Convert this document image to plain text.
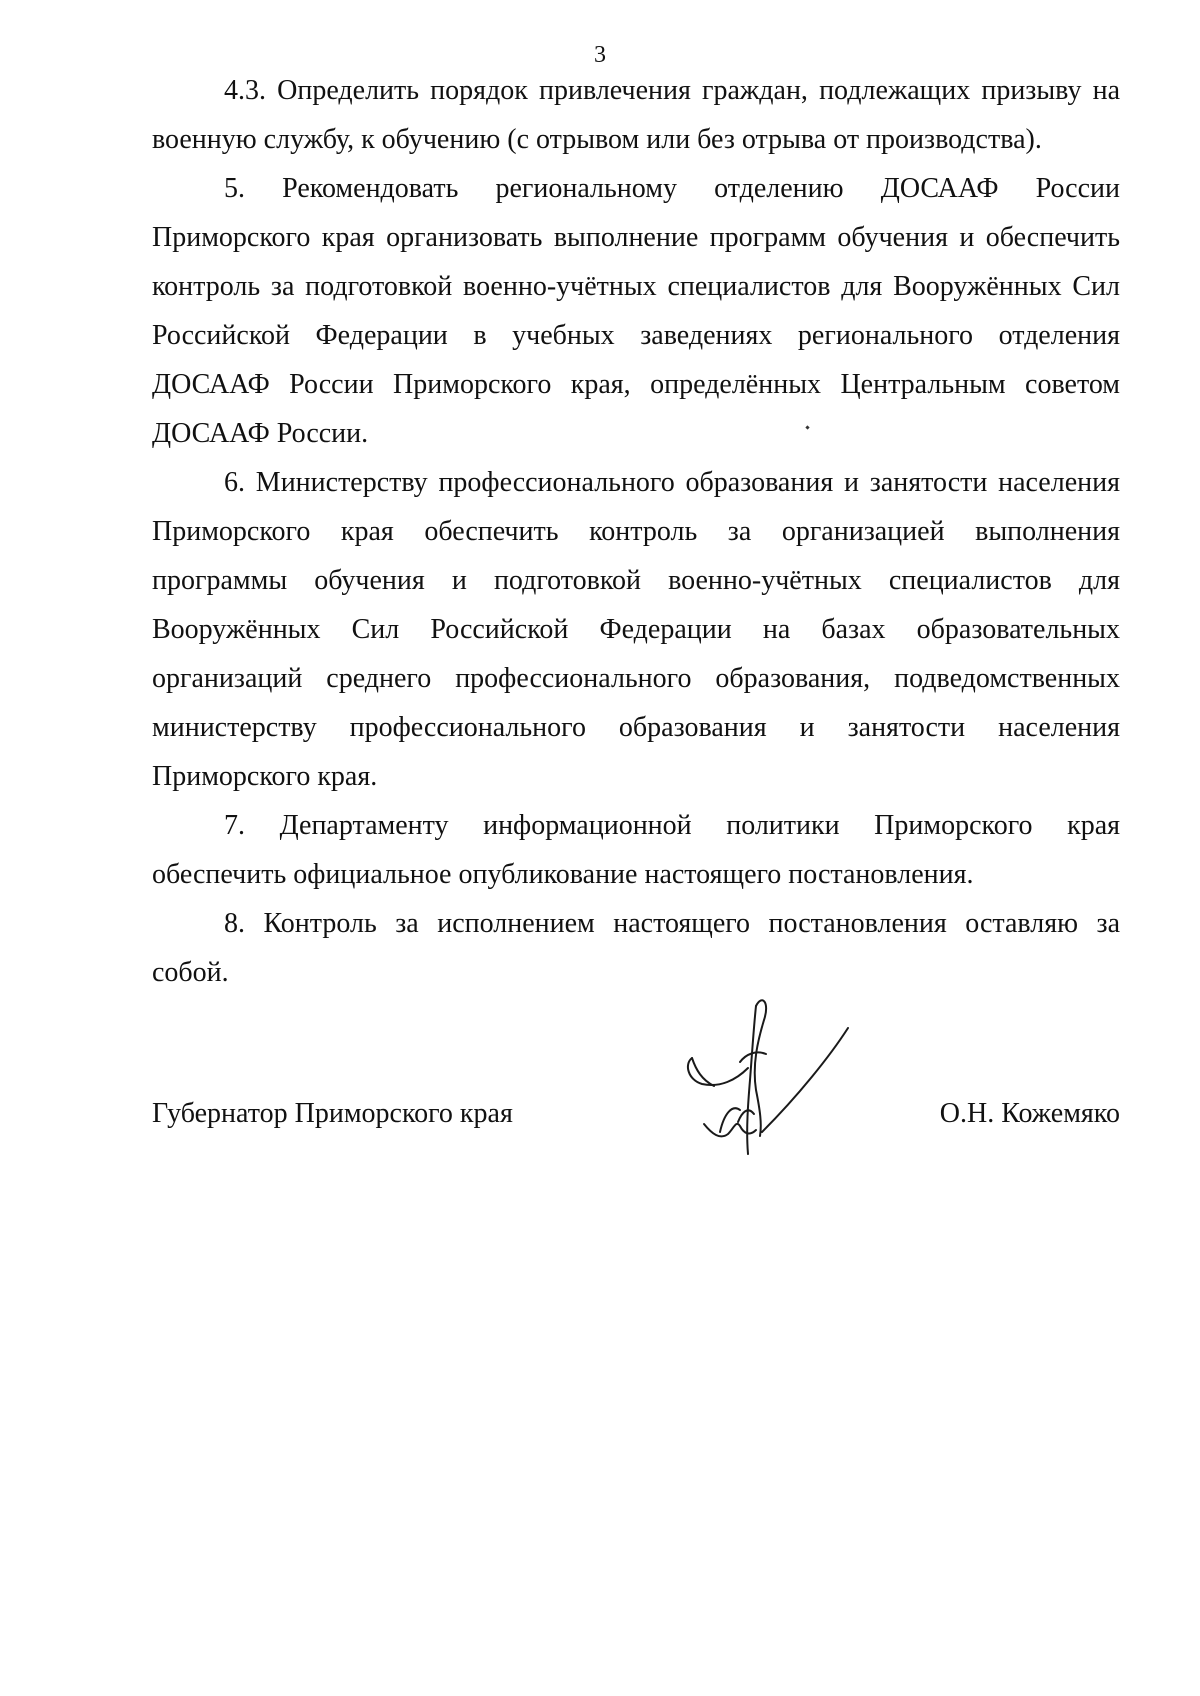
3

4.3. Определить порядок привлечения граждан, подлежащих призыву на военную службу, к обучению (с отрывом или без отрыва от производства).

5. Рекомендовать региональному отделению ДОСААФ России Приморского края организовать выполнение программ обучения и обеспечить контроль за подготовкой военно-учётных специалистов для Вооружённых Сил Российской Федерации в учебных заведениях регионального отделения ДОСААФ России Приморского края, определённых Центральным советом ДОСААФ России.

6. Министерству профессионального образования и занятости населения Приморского края обеспечить контроль за организацией выполнения программы обучения и подготовкой военно-учётных специалистов для Вооружённых Сил Российской Федерации на базах образовательных организаций среднего профессионального образования, подведомственных министерству профессионального образования и занятости населения Приморского края.

7. Департаменту информационной политики Приморского края обеспечить официальное опубликование настоящего постановления.

8. Контроль за исполнением настоящего постановления оставляю за собой.

Губернатор Приморского края	О.Н. Кожемяко
